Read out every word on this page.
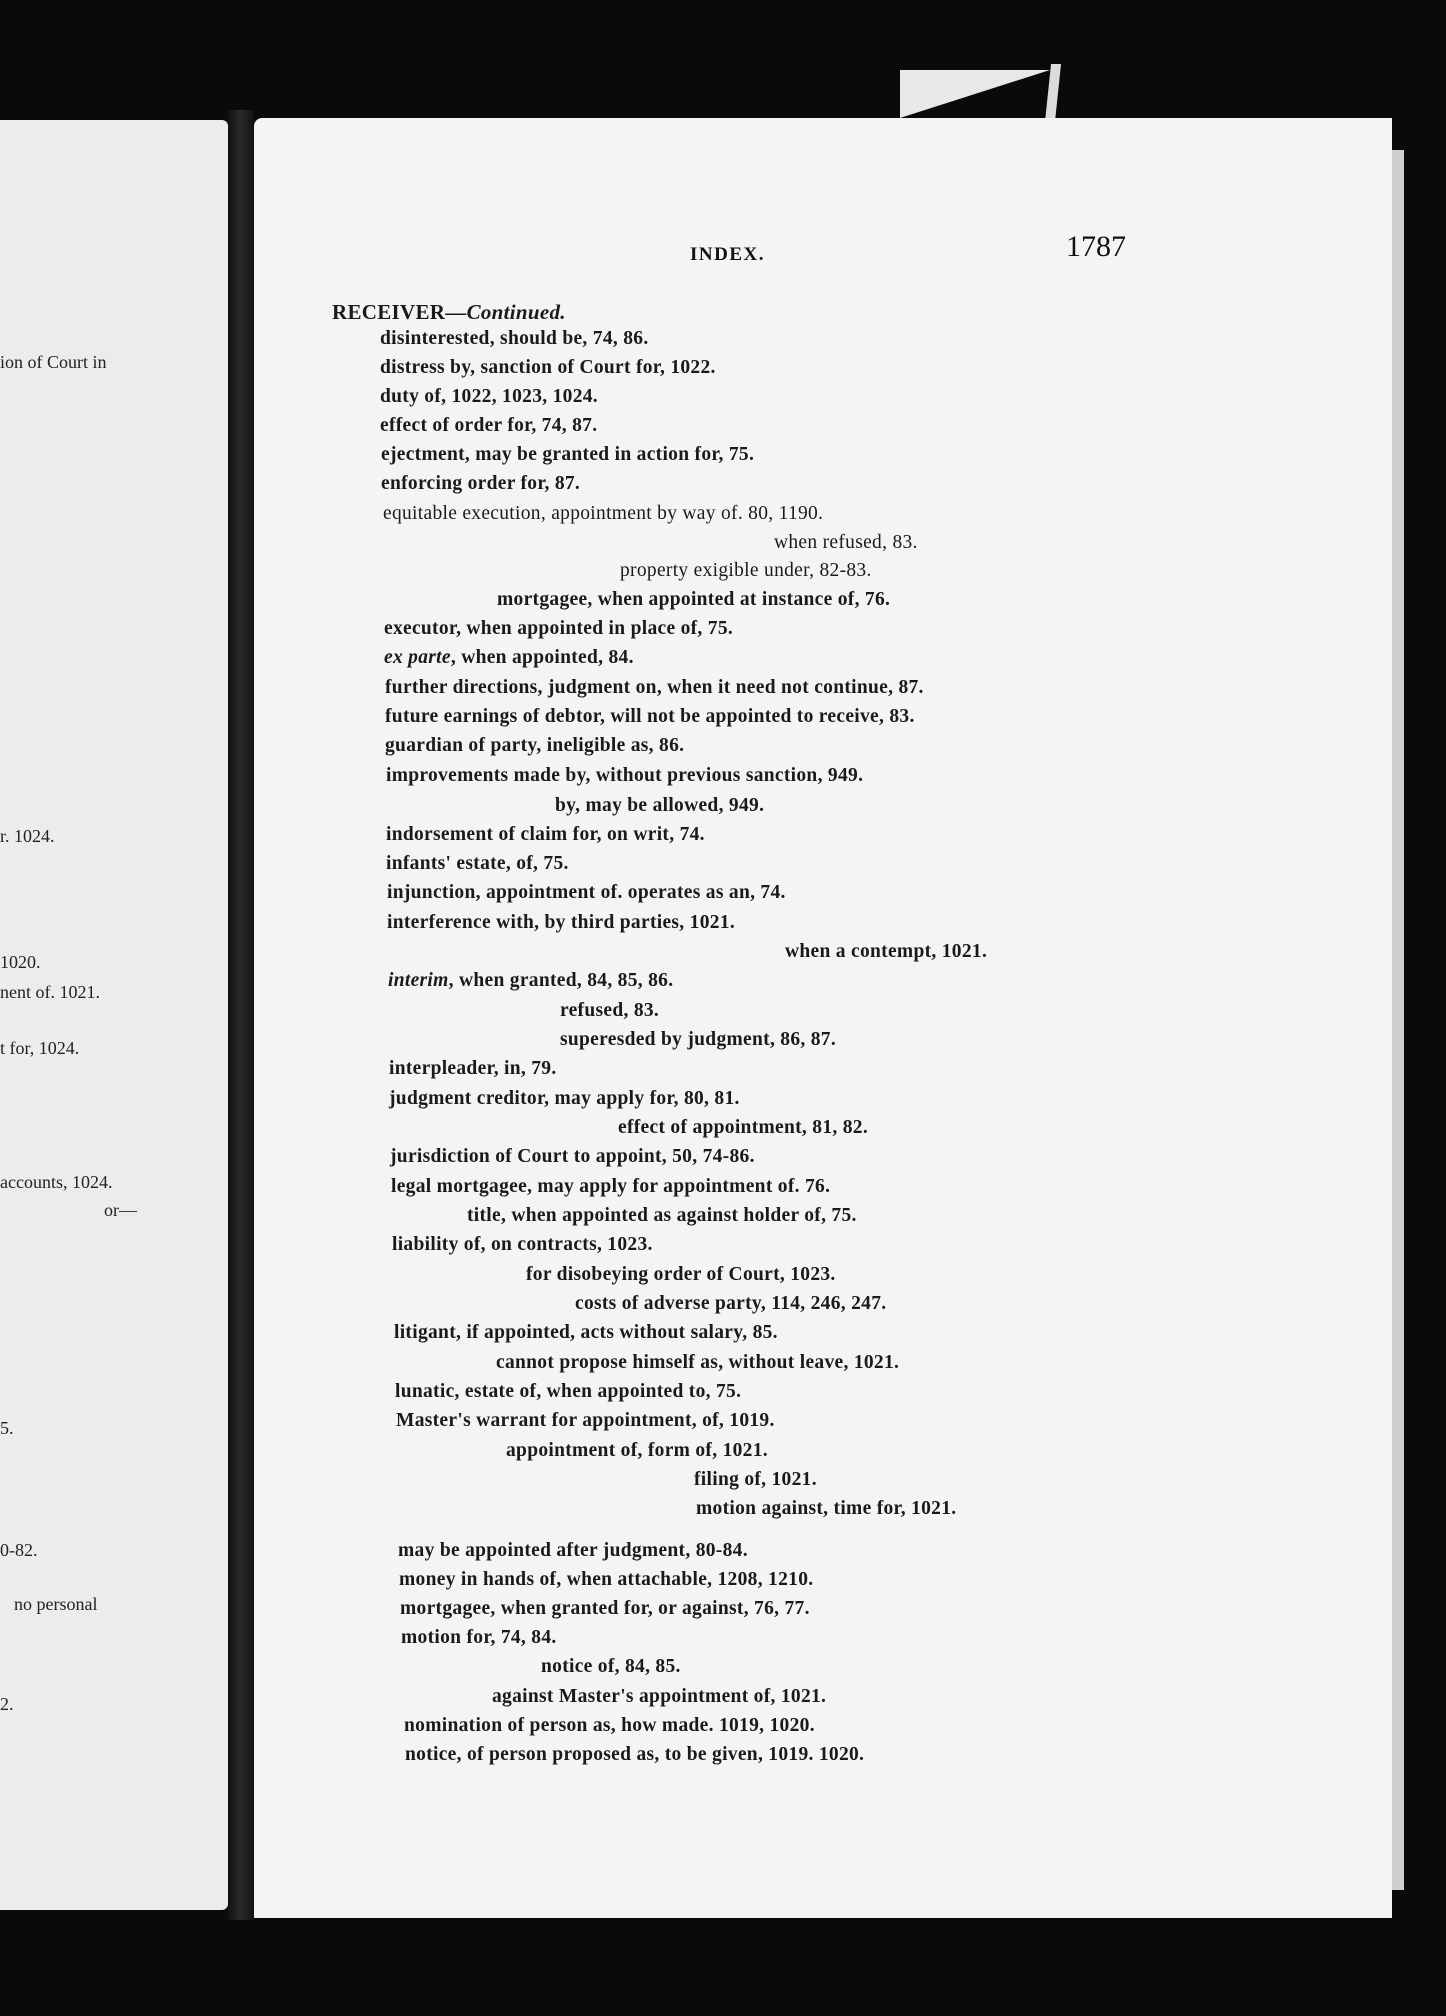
ion of Court in
r. 1024.
1020.
nent of. 1021.
t for, 1024.
accounts, 1024.
or—
5.
0-82.
no personal
2.
INDEX.	1787
RECEIVER—Continued.
disinterested, should be, 74, 86.
distress by, sanction of Court for, 1022.
duty of, 1022, 1023, 1024.
effect of order for, 74, 87.
ejectment, may be granted in action for, 75.
enforcing order for, 87.
equitable execution, appointment by way of. 80, 1190.
when refused, 83.
property exigible under, 82-83.
mortgagee, when appointed at instance of, 76.
executor, when appointed in place of, 75.
ex parte, when appointed, 84.
further directions, judgment on, when it need not continue, 87.
future earnings of debtor, will not be appointed to receive, 83.
guardian of party, ineligible as, 86.
improvements made by, without previous sanction, 949.
by, may be allowed, 949.
indorsement of claim for, on writ, 74.
infants' estate, of, 75.
injunction, appointment of. operates as an, 74.
interference with, by third parties, 1021.
when a contempt, 1021.
interim, when granted, 84, 85, 86.
refused, 83.
superesded by judgment, 86, 87.
interpleader, in, 79.
judgment creditor, may apply for, 80, 81.
effect of appointment, 81, 82.
jurisdiction of Court to appoint, 50, 74-86.
legal mortgagee, may apply for appointment of. 76.
title, when appointed as against holder of, 75.
liability of, on contracts, 1023.
for disobeying order of Court, 1023.
costs of adverse party, 114, 246, 247.
litigant, if appointed, acts without salary, 85.
cannot propose himself as, without leave, 1021.
lunatic, estate of, when appointed to, 75.
Master's warrant for appointment, of, 1019.
appointment of, form of, 1021.
filing of, 1021.
motion against, time for, 1021.
may be appointed after judgment, 80-84.
money in hands of, when attachable, 1208, 1210.
mortgagee, when granted for, or against, 76, 77.
motion for, 74, 84.
notice of, 84, 85.
against Master's appointment of, 1021.
nomination of person as, how made. 1019, 1020.
notice, of person proposed as, to be given, 1019. 1020.
